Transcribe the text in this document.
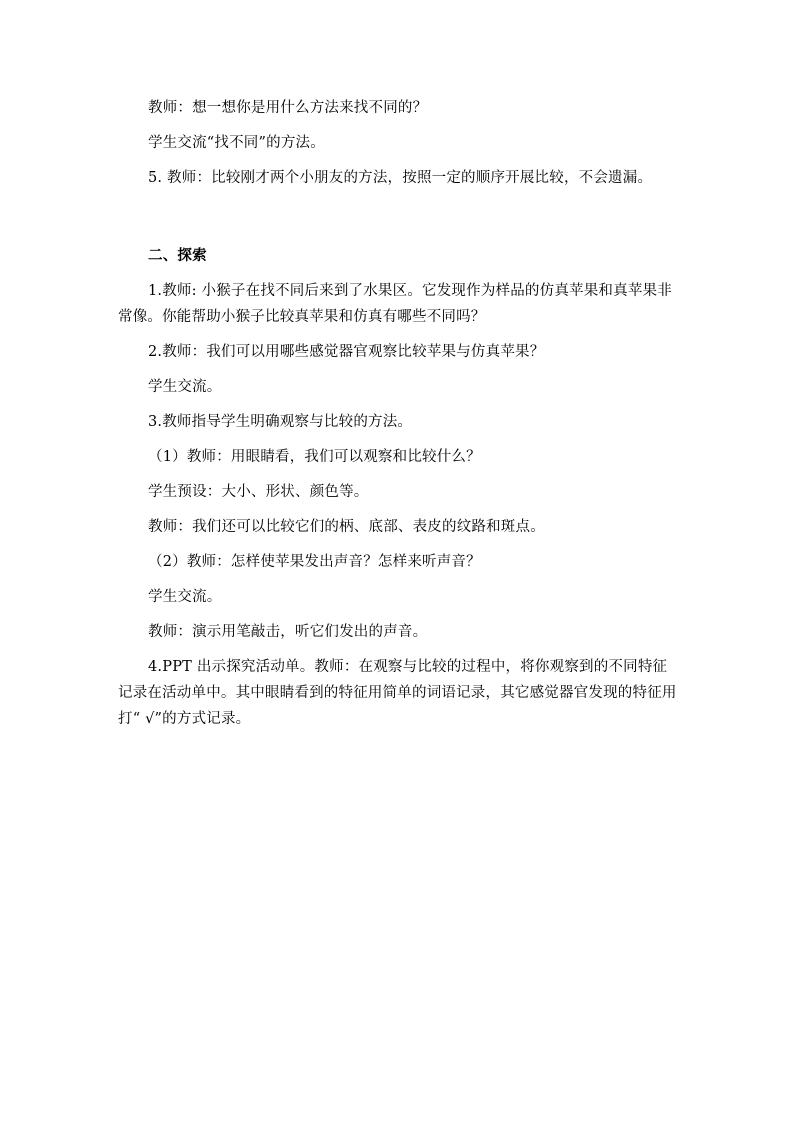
教师：想一想你是用什么方法来找不同的？

学生交流“找不同”的方法。

5. 教师：比较刚才两个小朋友的方法，按照一定的顺序开展比较，不会遗漏。

二、探索

1.教师: 小猴子在找不同后来到了水果区。它发现作为样品的仿真苹果和真苹果非常像。你能帮助小猴子比较真苹果和仿真有哪些不同吗？

2.教师：我们可以用哪些感觉器官观察比较苹果与仿真苹果？

学生交流。

3.教师指导学生明确观察与比较的方法。

（1）教师：用眼睛看，我们可以观察和比较什么？

学生预设：大小、形状、颜色等。

教师：我们还可以比较它们的柄、底部、表皮的纹路和斑点。

（2）教师：怎样使苹果发出声音？怎样来听声音？

学生交流。

教师：演示用笔敲击，听它们发出的声音。

4.PPT 出示探究活动单。教师：在观察与比较的过程中，将你观察到的不同特征记录在活动单中。其中眼睛看到的特征用简单的词语记录，其它感觉器官发现的特征用打“ √”的方式记录。
